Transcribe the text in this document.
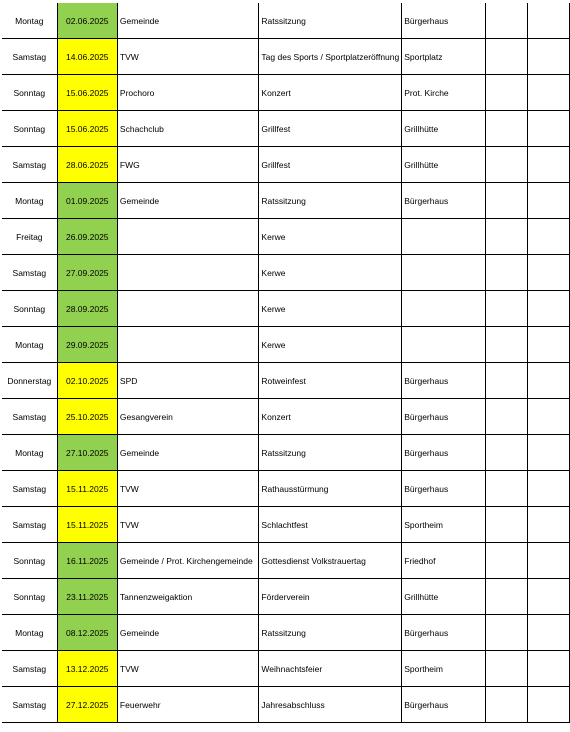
Montag	02.06.2025	Gemeinde	Ratssitzung	Bürgerhaus		
Samstag	14.06.2025	TVW	Tag des Sports / Sportplatzeröffnung	Sportplatz		
Sonntag	15.06.2025	Prochoro	Konzert	Prot. Kirche		
Sonntag	15.06.2025	Schachclub	Grillfest	Grillhütte		
Samstag	28.06.2025	FWG	Grillfest	Grillhütte		
Montag	01.09.2025	Gemeinde	Ratssitzung	Bürgerhaus		
Freitag	26.09.2025		Kerwe			
Samstag	27.09.2025		Kerwe			
Sonntag	28.09.2025		Kerwe			
Montag	29.09.2025		Kerwe			
Donnerstag	02.10.2025	SPD	Rotweinfest	Bürgerhaus		
Samstag	25.10.2025	Gesangverein	Konzert	Bürgerhaus		
Montag	27.10.2025	Gemeinde	Ratssitzung	Bürgerhaus		
Samstag	15.11.2025	TVW	Rathausstürmung	Bürgerhaus		
Samstag	15.11.2025	TVW	Schlachtfest	Sportheim		
Sonntag	16.11.2025	Gemeinde / Prot. Kirchengemeinde	Gottesdienst Volkstrauertag	Friedhof		
Sonntag	23.11.2025	Tannenzweigaktion	Förderverein	Grillhütte		
Montag	08.12.2025	Gemeinde	Ratssitzung	Bürgerhaus		
Samstag	13.12.2025	TVW	Weihnachtsfeier	Sportheim		
Samstag	27.12.2025	Feuerwehr	Jahresabschluss	Bürgerhaus		
